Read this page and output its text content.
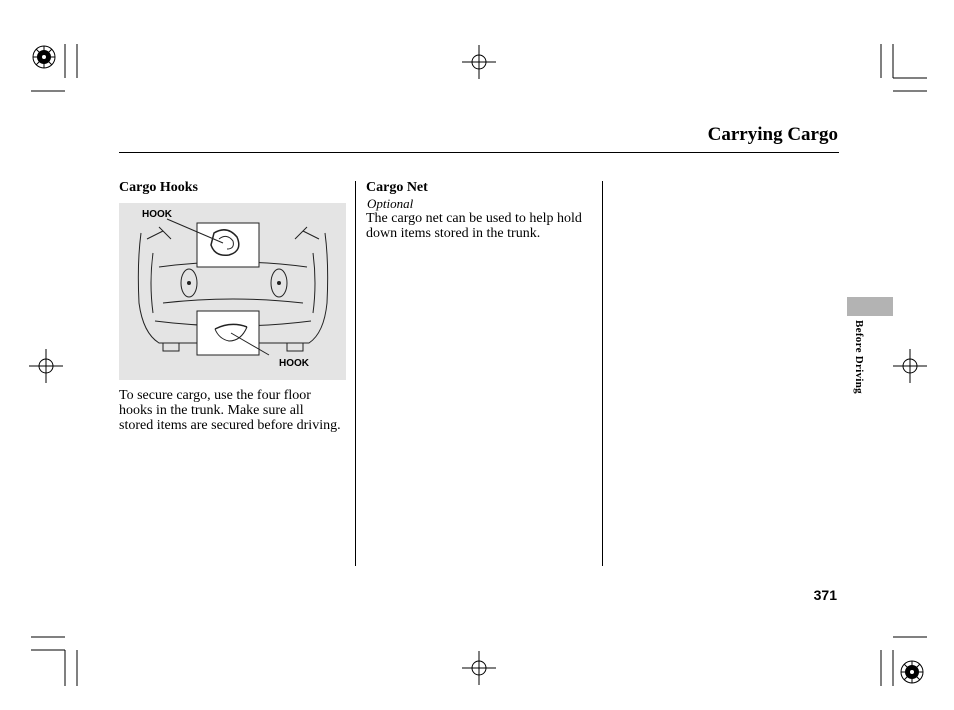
Carrying Cargo
Before Driving
Cargo Hooks
HOOK
HOOK
To secure cargo, use the four floor hooks in the trunk. Make sure all stored items are secured before driving.
Cargo Net
Optional
The cargo net can be used to help hold down items stored in the trunk.
371
